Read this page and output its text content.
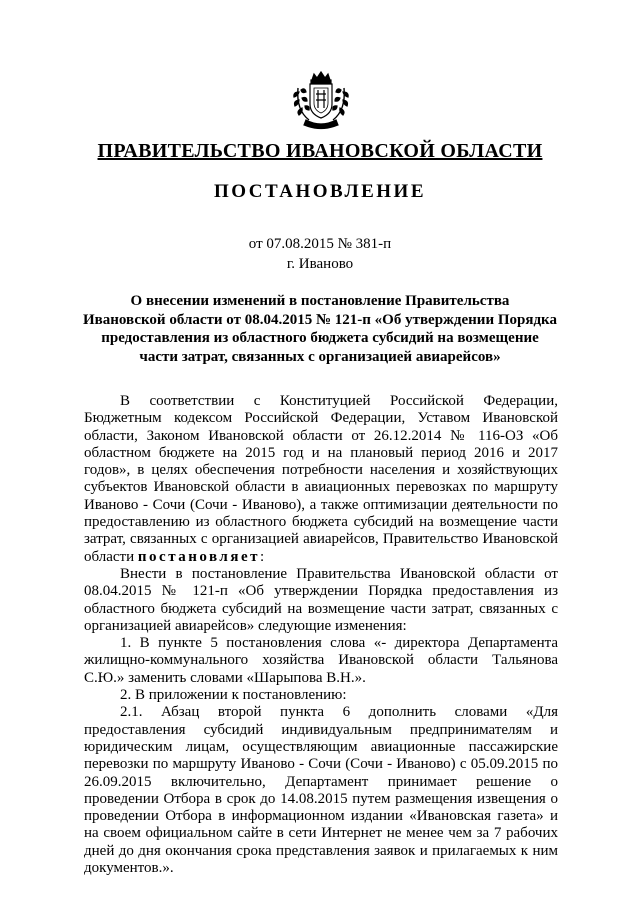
ПРАВИТЕЛЬСТВО ИВАНОВСКОЙ ОБЛАСТИ
ПОСТАНОВЛЕНИЕ
от 07.08.2015 № 381-п
г. Иваново
О внесении изменений в постановление Правительства
Ивановской области от 08.04.2015 № 121-п «Об утверждении Порядка
предоставления из областного бюджета субсидий на возмещение
части затрат, связанных с организацией авиарейсов»

В соответствии с Конституцией Российской Федерации, Бюджетным кодексом Российской Федерации, Уставом Ивановской области, Законом Ивановской области от 26.12.2014 № 116-ОЗ «Об областном бюджете на 2015 год и на плановый период 2016 и 2017 годов», в целях обеспечения потребности населения и хозяйствующих субъектов Ивановской области в авиационных перевозках по маршруту Иваново - Сочи (Сочи - Иваново), а также оптимизации деятельности по предоставлению из областного бюджета субсидий на возмещение части затрат, связанных с организацией авиарейсов, Правительство Ивановской области постановляет:

Внести в постановление Правительства Ивановской области от 08.04.2015 № 121-п «Об утверждении Порядка предоставления из областного бюджета субсидий на возмещение части затрат, связанных с организацией авиарейсов» следующие изменения:

1. В пункте 5 постановления слова «- директора Департамента жилищно-коммунального хозяйства Ивановской области Тальянова С.Ю.» заменить словами «Шарыпова В.Н.».

2. В приложении к постановлению:

2.1. Абзац второй пункта 6 дополнить словами «Для предоставления субсидий индивидуальным предпринимателям и юридическим лицам, осуществляющим авиационные пассажирские перевозки по маршруту Иваново - Сочи (Сочи - Иваново) с 05.09.2015 по 26.09.2015 включительно, Департамент принимает решение о проведении Отбора в срок до 14.08.2015 путем размещения извещения о проведении Отбора в информационном издании «Ивановская газета» и на своем официальном сайте в сети Интернет не менее чем за 7 рабочих дней до дня окончания срока представления заявок и прилагаемых к ним документов.».
